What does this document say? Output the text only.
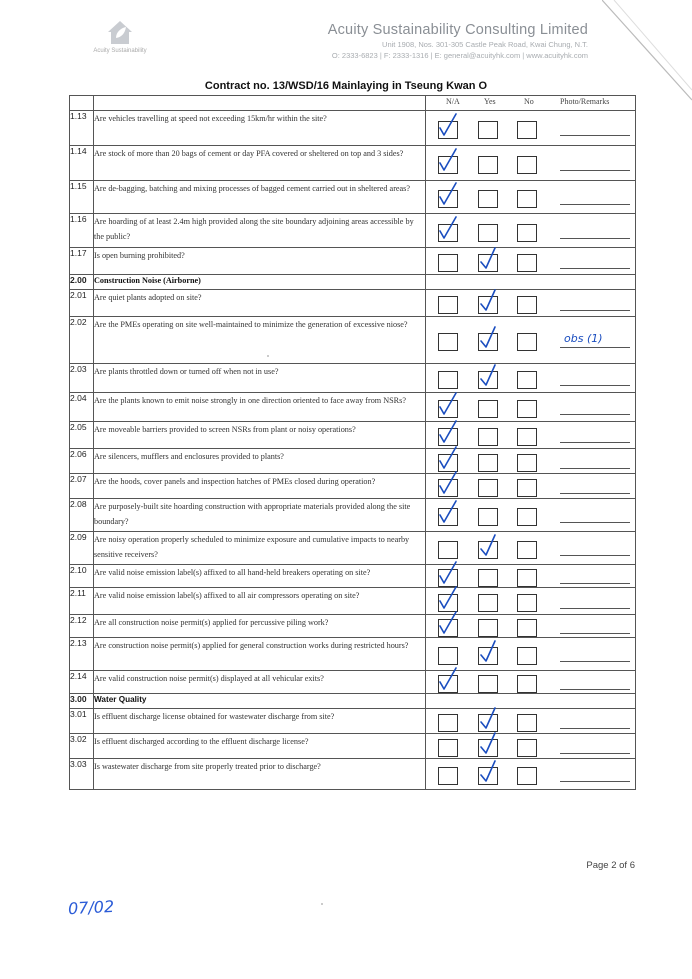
Acuity Sustainability
Acuity Sustainability Consulting Limited
Unit 1908, Nos. 301-305 Castle Peak Road, Kwai Chung, N.T.
O: 2333-6823 | F: 2333-1316 | E: general@acuityhk.com | www.acuityhk.com
Contract no. 13/WSD/16 Mainlaying in Tseung Kwan O

		N/A Yes No Photo/Remarks

1.13	Are vehicles travelling at speed not exceeding 15km/hr within the site?	

1.14	Are stock of more than 20 bags of cement or day PFA covered or sheltered on top and 3 sides?	

1.15	Are de-bagging, batching and mixing processes of bagged cement carried out in sheltered areas?	

1.16	Are hoarding of at least 2.4m high provided along the site boundary adjoining areas accessible by the public?	

1.17	Is open burning prohibited?	

2.00	Construction Noise (Airborne)	

2.01	Are quiet plants adopted on site?	

2.02	Are the PMEs operating on site well-maintained to minimize the generation of excessive niose?	obs (1)

2.03	Are plants throttled down or turned off when not in use?	

2.04	Are the plants known to emit noise strongly in one direction oriented to face away from NSRs?	

2.05	Are moveable barriers provided to screen NSRs from plant or noisy operations?	

2.06	Are silencers, mufflers and enclosures provided to plants?	

2.07	Are the hoods, cover panels and inspection hatches of PMEs closed during operation?	

2.08	Are purposely-built site hoarding construction with appropriate materials provided along the site boundary?	

2.09	Are noisy operation properly scheduled to minimize exposure and cumulative impacts to nearby sensitive receivers?	

2.10	Are valid noise emission label(s) affixed to all hand-held breakers operating on site?	

2.11	Are valid noise emission label(s) affixed to all air compressors operating on site?	

2.12	Are all construction noise permit(s) applied for percussive piling work?	

2.13	Are construction noise permit(s) applied for general construction works during restricted hours?	

2.14	Are valid construction noise permit(s) displayed at all vehicular exits?	

3.00	Water Quality	

3.01	Is effluent discharge license obtained for wastewater discharge from site?	

3.02	Is effluent discharged according to the effluent discharge license?	

3.03	Is wastewater discharge from site properly treated prior to discharge?	
Page 2 of 6
07/02
